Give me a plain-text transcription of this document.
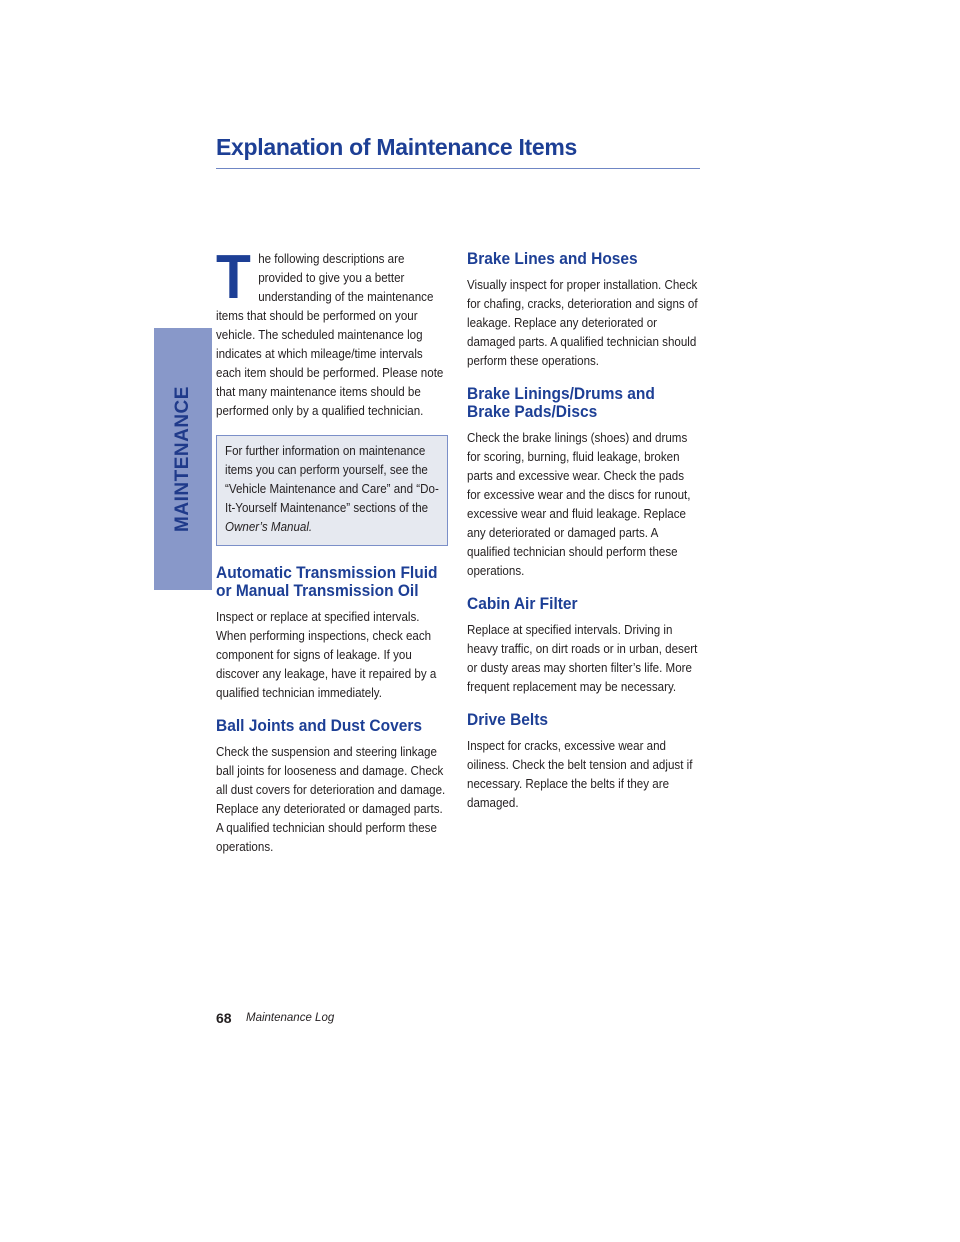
MAINTENANCE
Explanation of Maintenance Items
The following descriptions are provided to give you a better understanding of the maintenance items that should be performed on your vehicle. The scheduled maintenance log indicates at which mileage/time intervals each item should be performed. Please note that many maintenance items should be performed only by a qualified technician.

For further information on maintenance items you can perform yourself, see the “Vehicle Maintenance and Care” and “Do-It-Yourself Maintenance” sections of the Owner’s Manual.

Automatic Transmission Fluid or Manual Transmission Oil

Inspect or replace at specified intervals. When performing inspections, check each component for signs of leakage. If you discover any leakage, have it repaired by a qualified technician immediately.

Ball Joints and Dust Covers

Check the suspension and steering linkage ball joints for looseness and damage. Check all dust covers for deterioration and damage. Replace any deteriorated or damaged parts. A qualified technician should perform these operations.

Brake Lines and Hoses

Visually inspect for proper installation. Check for chafing, cracks, deterioration and signs of leakage. Replace any deteriorated or damaged parts. A qualified technician should perform these operations.

Brake Linings/Drums and Brake Pads/Discs

Check the brake linings (shoes) and drums for scoring, burning, fluid leakage, broken parts and excessive wear. Check the pads for excessive wear and the discs for runout, excessive wear and fluid leakage. Replace any deteriorated or damaged parts. A qualified technician should perform these operations.

Cabin Air Filter

Replace at specified intervals. Driving in heavy traffic, on dirt roads or in urban, desert or dusty areas may shorten filter’s life. More frequent replacement may be necessary.

Drive Belts

Inspect for cracks, excessive wear and oiliness. Check the belt tension and adjust if necessary. Replace the belts if they are damaged.

68 Maintenance Log
